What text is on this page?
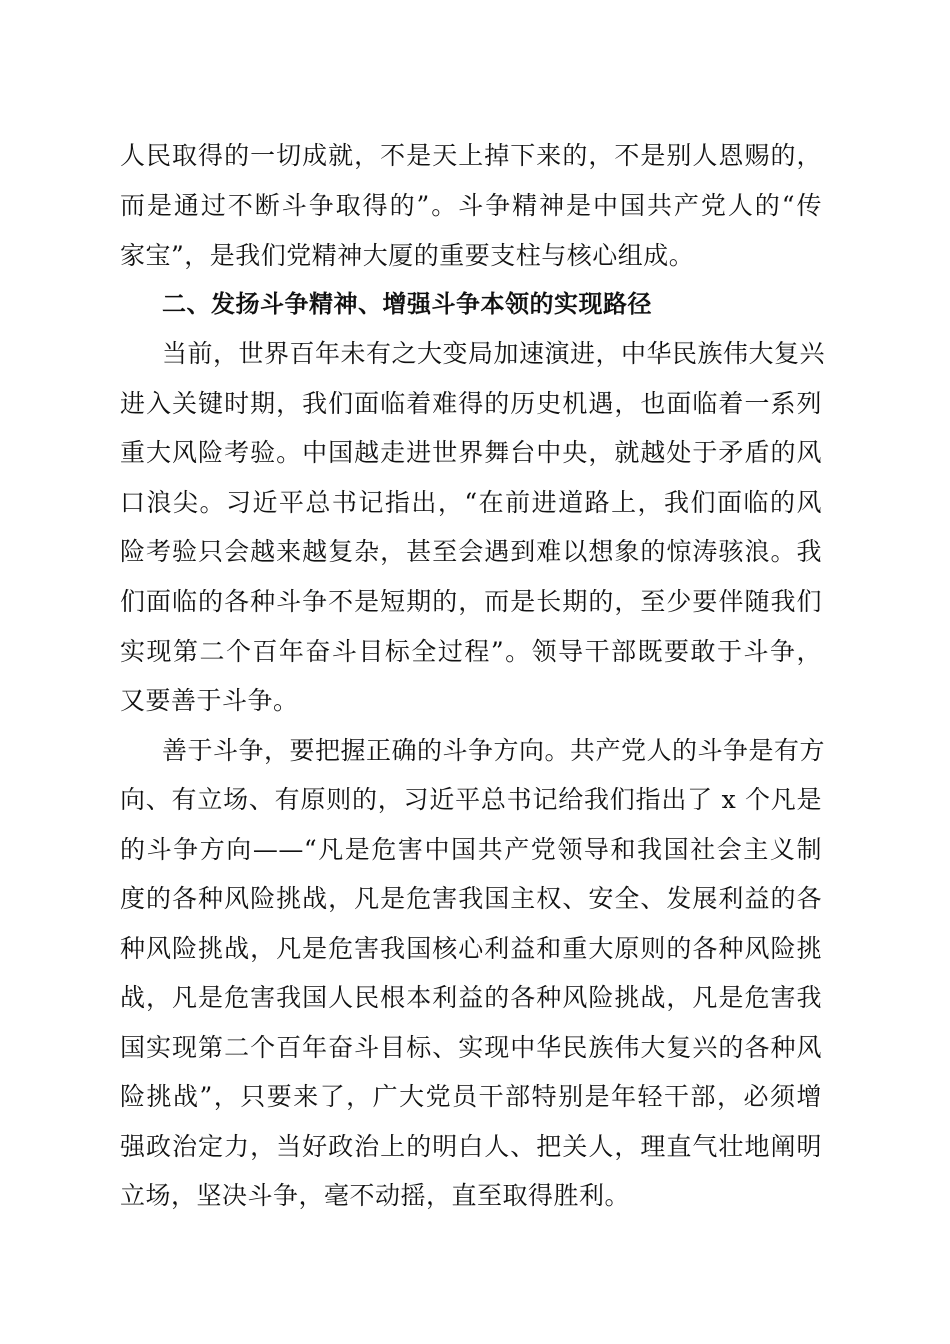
人民取得的一切成就，不是天上掉下来的，不是别人恩赐的，
而是通过不断斗争取得的”。斗争精神是中国共产党人的“传
家宝”，是我们党精神大厦的重要支柱与核心组成。
二、发扬斗争精神、增强斗争本领的实现路径
当前，世界百年未有之大变局加速演进，中华民族伟大复兴
进入关键时期，我们面临着难得的历史机遇，也面临着一系列
重大风险考验。中国越走进世界舞台中央，就越处于矛盾的风
口浪尖。习近平总书记指出，“在前进道路上，我们面临的风
险考验只会越来越复杂，甚至会遇到难以想象的惊涛骇浪。我
们面临的各种斗争不是短期的，而是长期的，至少要伴随我们
实现第二个百年奋斗目标全过程”。领导干部既要敢于斗争，
又要善于斗争。
善于斗争，要把握正确的斗争方向。共产党人的斗争是有方
向、有立场、有原则的，习近平总书记给我们指出了 x 个凡是
的斗争方向——“凡是危害中国共产党领导和我国社会主义制
度的各种风险挑战，凡是危害我国主权、安全、发展利益的各
种风险挑战，凡是危害我国核心利益和重大原则的各种风险挑
战，凡是危害我国人民根本利益的各种风险挑战，凡是危害我
国实现第二个百年奋斗目标、实现中华民族伟大复兴的各种风
险挑战”，只要来了，广大党员干部特别是年轻干部，必须增
强政治定力，当好政治上的明白人、把关人，理直气壮地阐明
立场，坚决斗争，毫不动摇，直至取得胜利。
